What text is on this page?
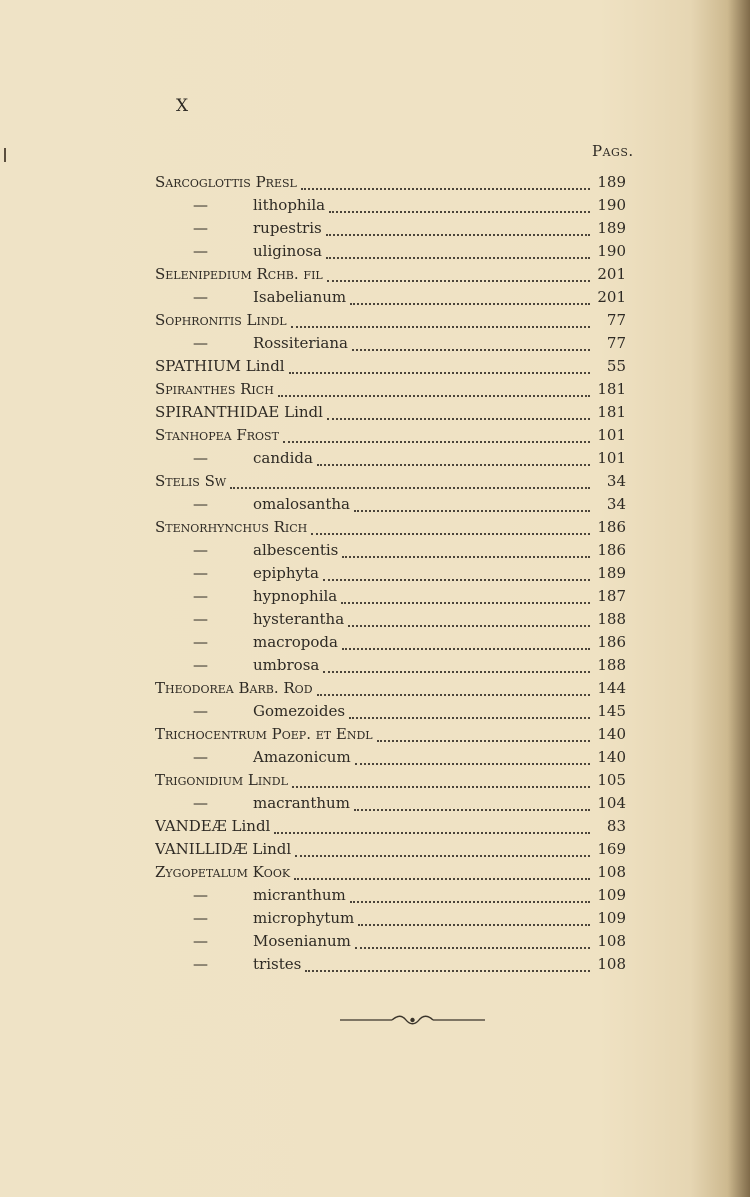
X

Pags.
Sarcoglottis Presl	189
—	lithophila	190
—	rupestris	189
—	uliginosa	190
Selenipedium Rchb. fil	201
—	Isabelianum	201
Sophronitis Lindl	77
—	Rossiteriana	77
SPATHIUM Lindl	55
Spiranthes Rich	181
SPIRANTHIDAE Lindl	181
Stanhopea Frost	101
—	candida	101
Stelis Sw	34
—	omalosantha	34
Stenorhynchus Rich	186
—	albescentis	186
—	epiphyta	189
—	hypnophila	187
—	hysterantha	188
—	macropoda	186
—	umbrosa	188
Theodorea Barb. Rod	144
—	Gomezoides	145
Trichocentrum Poep. et Endl	140
—	Amazonicum	140
Trigonidium Lindl	105
—	macranthum	104
VANDEÆ Lindl	83
VANILLIDÆ Lindl	169
Zygopetalum Kook	108
—	micranthum	109
—	microphytum	109
—	Mosenianum	108
—	tristes	108
